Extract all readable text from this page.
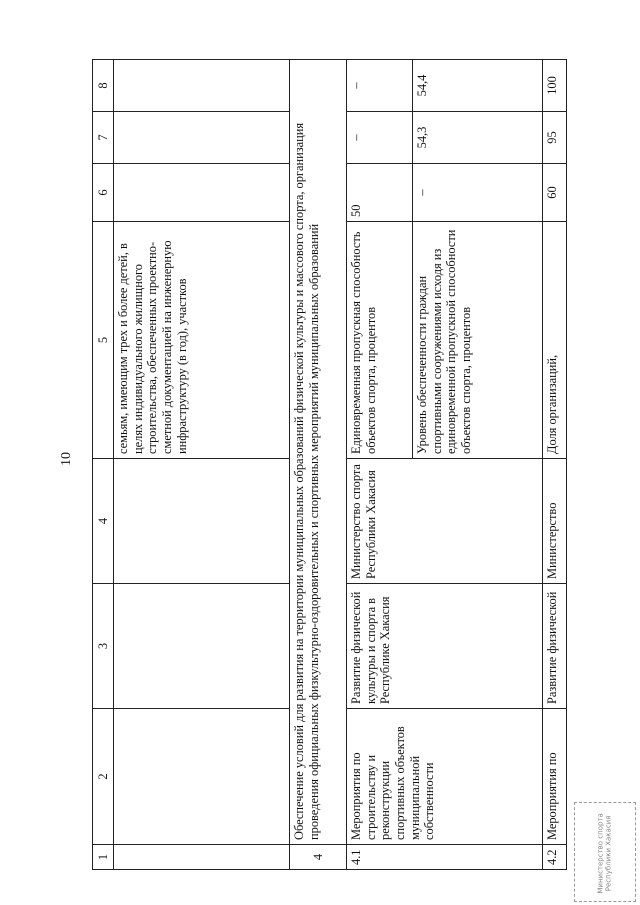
10
1	2	3	4	5	6	7	8
				семьям, имеющим трех и более детей, в целях индивидуального жилищного строительства, обеспеченных проектно-сметной документацией на инженерную инфраструктуру (в год), участков			
4	Обеспечение условий для развития на территории муниципальных образований физической культуры и массового спорта, организация проведения официальных физкультурно-оздоровительных и спортивных мероприятий муниципальных образований						
4.1	Мероприятия по строительству и реконструкции спортивных объектов муниципальной собственности	Развитие физической культуры и спорта в Республике Хакасия	Министерство спорта Республики Хакасия	Единовременная пропускная способность объектов спорта, процентов	50	–	–
				Уровень обеспеченности граждан спортивными сооружениями исходя из единовременной пропускной способности объектов спорта, процентов	–	54,3	54,4
4.2	Мероприятия по	Развитие физической	Министерство	Доля организаций,	60	95	100
Министерство спорта Республики Хакасия
